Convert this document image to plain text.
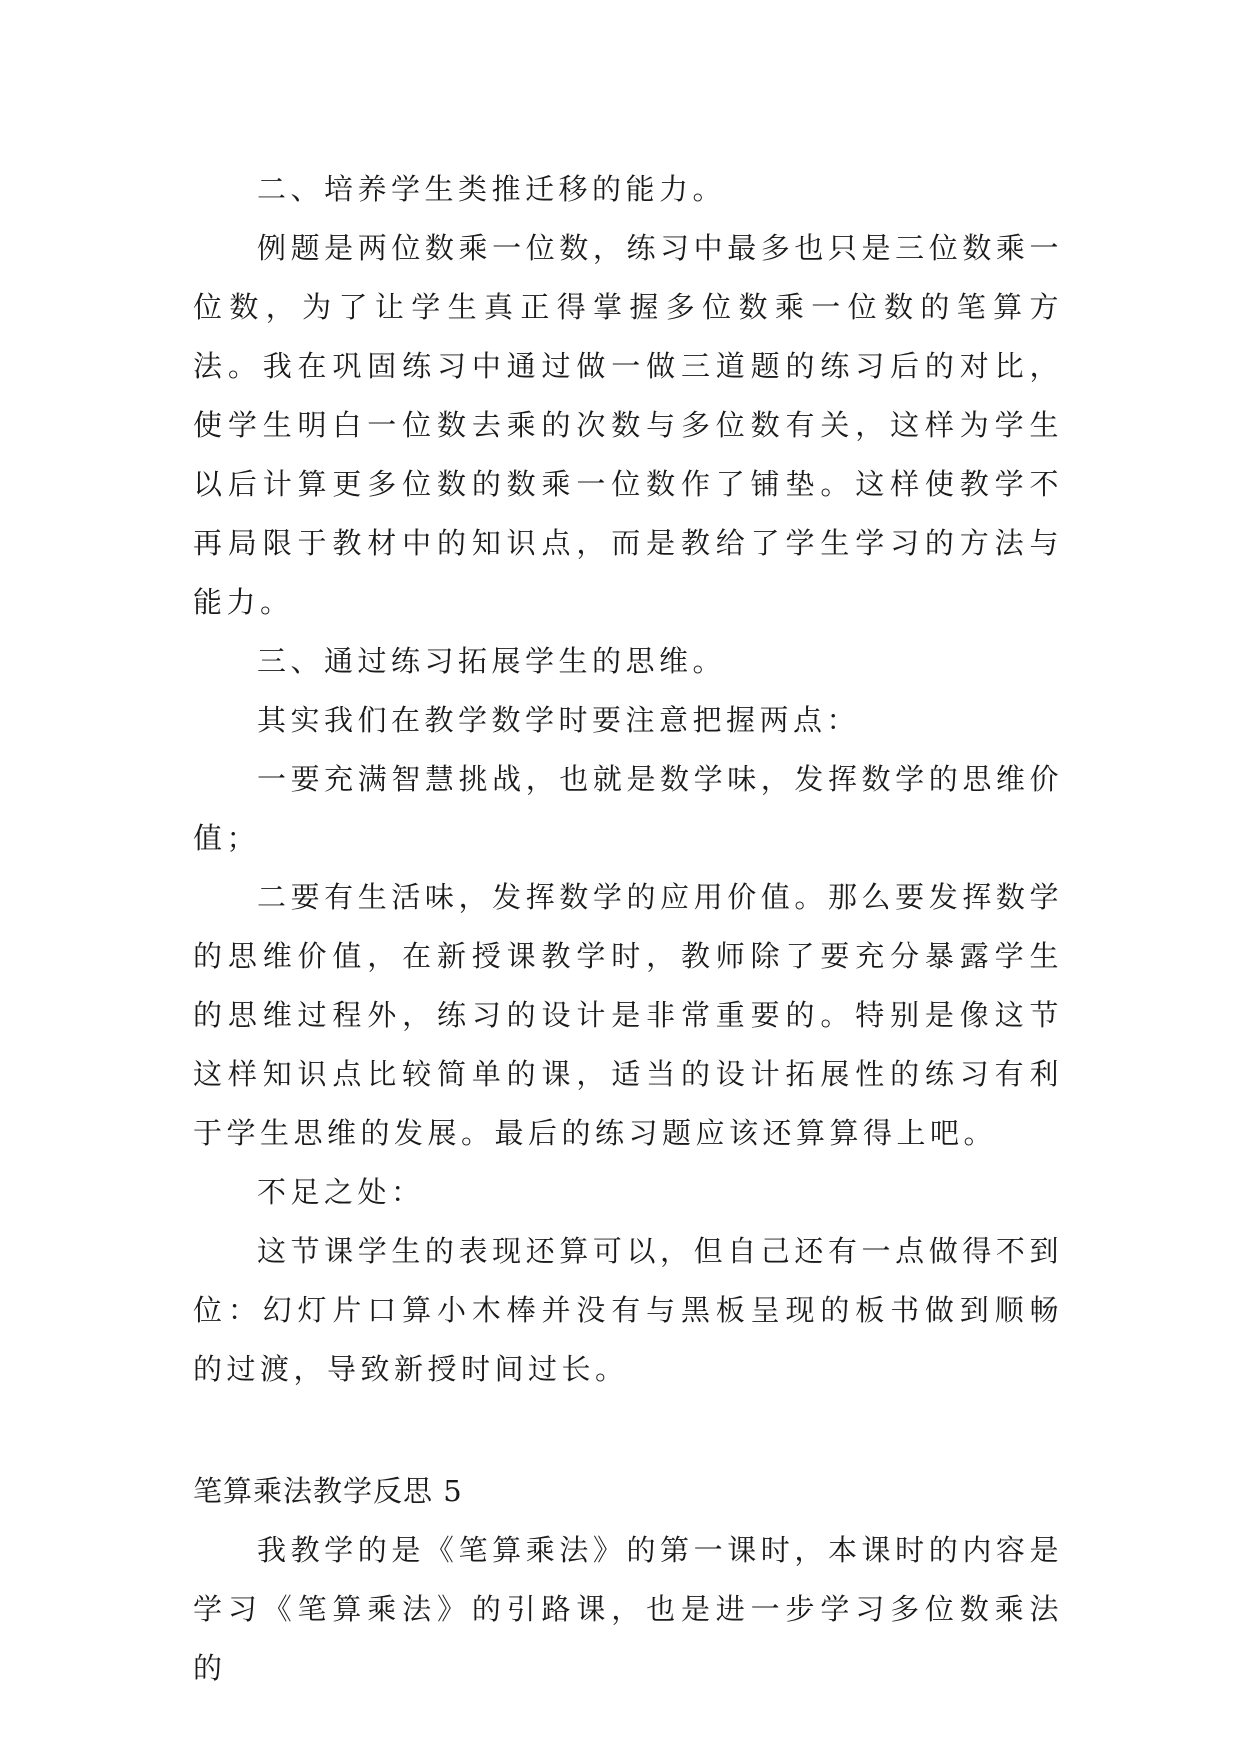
二、培养学生类推迁移的能力。

例题是两位数乘一位数，练习中最多也只是三位数乘一位数，为了让学生真正得掌握多位数乘一位数的笔算方法。我在巩固练习中通过做一做三道题的练习后的对比，使学生明白一位数去乘的次数与多位数有关，这样为学生以后计算更多位数的数乘一位数作了铺垫。这样使教学不再局限于教材中的知识点，而是教给了学生学习的方法与能力。

三、通过练习拓展学生的思维。

其实我们在教学数学时要注意把握两点：

一要充满智慧挑战，也就是数学味，发挥数学的思维价值；

二要有生活味，发挥数学的应用价值。那么要发挥数学的思维价值，在新授课教学时，教师除了要充分暴露学生的思维过程外，练习的设计是非常重要的。特别是像这节这样知识点比较简单的课，适当的设计拓展性的练习有利于学生思维的发展。最后的练习题应该还算算得上吧。

不足之处：

这节课学生的表现还算可以，但自己还有一点做得不到位：幻灯片口算小木棒并没有与黑板呈现的板书做到顺畅的过渡，导致新授时间过长。

笔算乘法教学反思 5

我教学的是《笔算乘法》的第一课时，本课时的内容是学习《笔算乘法》的引路课，也是进一步学习多位数乘法的
